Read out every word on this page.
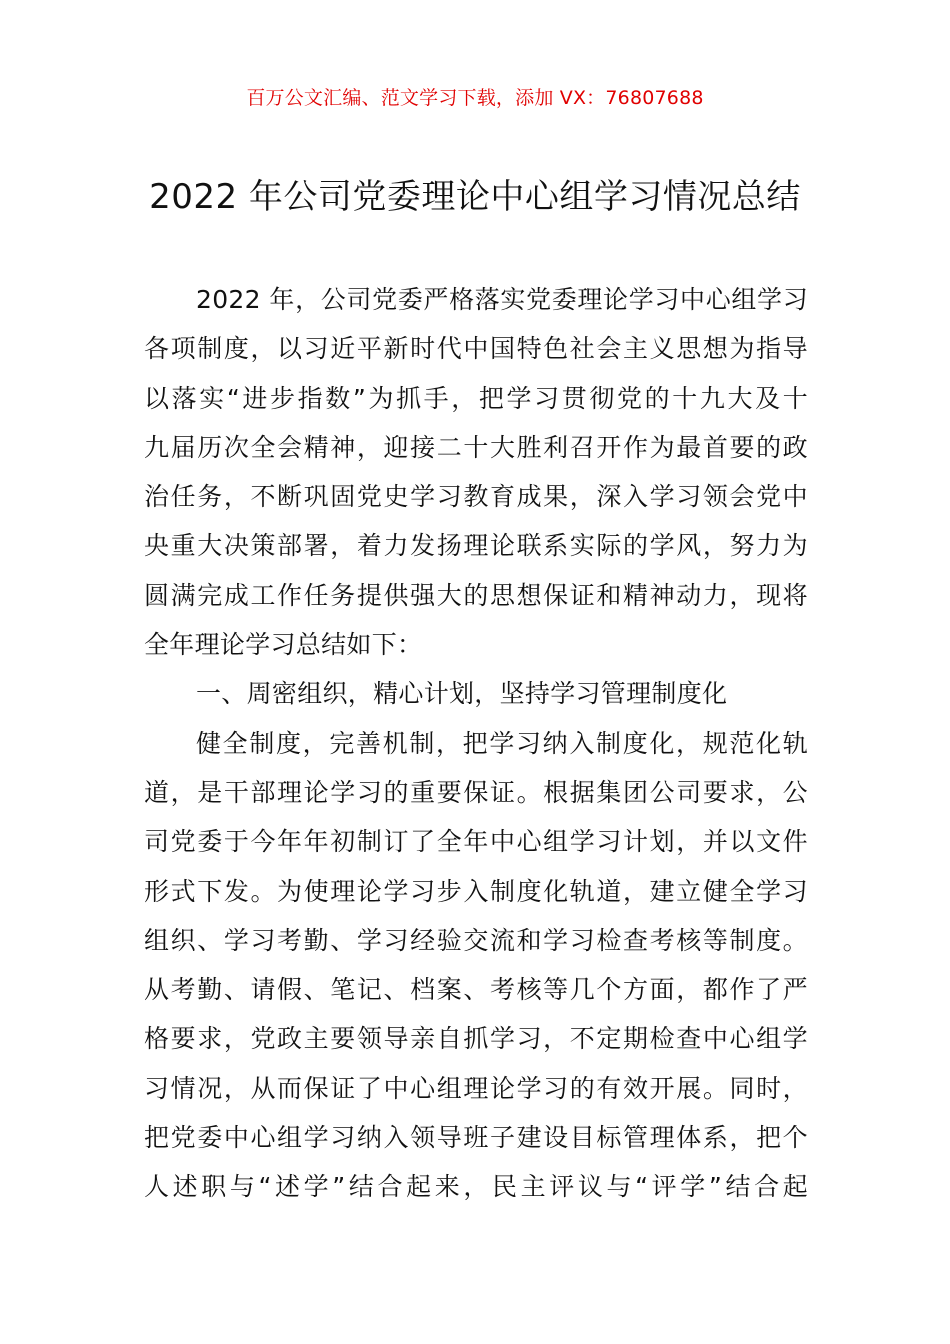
百万公文汇编、范文学习下载，添加 VX：76807688
2022 年公司党委理论中心组学习情况总结
2022 年，公司党委严格落实党委理论学习中心组学习
各项制度，以习近平新时代中国特色社会主义思想为指导
以落实“进步指数”为抓手，把学习贯彻党的十九大及十
九届历次全会精神，迎接二十大胜利召开作为最首要的政
治任务，不断巩固党史学习教育成果，深入学习领会党中
央重大决策部署，着力发扬理论联系实际的学风，努力为
圆满完成工作任务提供强大的思想保证和精神动力，现将
全年理论学习总结如下：
一、周密组织，精心计划，坚持学习管理制度化
健全制度，完善机制，把学习纳入制度化，规范化轨
道，是干部理论学习的重要保证。根据集团公司要求，公
司党委于今年年初制订了全年中心组学习计划，并以文件
形式下发。为使理论学习步入制度化轨道，建立健全学习
组织、学习考勤、学习经验交流和学习检查考核等制度。
从考勤、请假、笔记、档案、考核等几个方面，都作了严
格要求，党政主要领导亲自抓学习，不定期检查中心组学
习情况，从而保证了中心组理论学习的有效开展。同时，
把党委中心组学习纳入领导班子建设目标管理体系，把个
人述职与“述学”结合起来，民主评议与“评学”结合起
